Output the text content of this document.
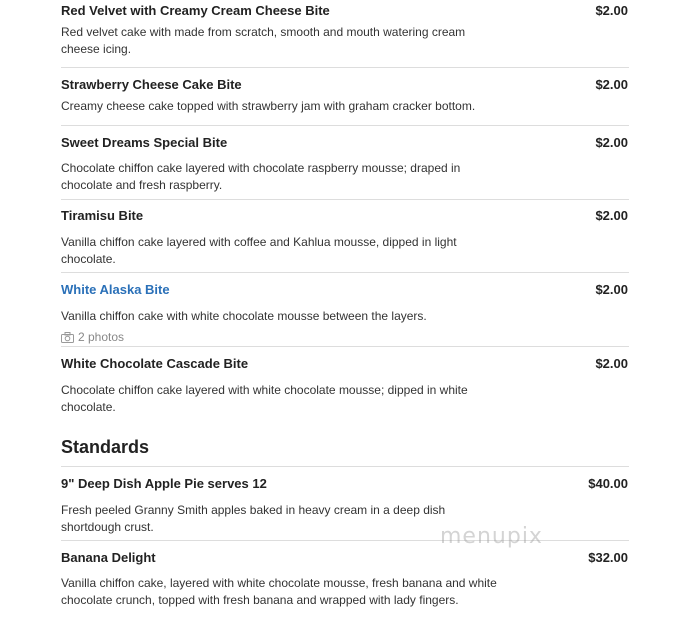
Red Velvet with Creamy Cream Cheese Bite	$2.00
Red velvet cake with made from scratch, smooth and mouth watering cream cheese icing.
Strawberry Cheese Cake Bite	$2.00
Creamy cheese cake topped with strawberry jam with graham cracker bottom.
Sweet Dreams Special Bite	$2.00
Chocolate chiffon cake layered with chocolate raspberry mousse; draped in chocolate and fresh raspberry.
Tiramisu Bite	$2.00
Vanilla chiffon cake layered with coffee and Kahlua mousse, dipped in light chocolate.
White Alaska Bite	$2.00
Vanilla chiffon cake with white chocolate mousse between the layers.
2 photos
White Chocolate Cascade Bite	$2.00
Chocolate chiffon cake layered with white chocolate mousse; dipped in white chocolate.
Standards
9" Deep Dish Apple Pie serves 12	$40.00
Fresh peeled Granny Smith apples baked in heavy cream in a deep dish shortdough crust.
Banana Delight	$32.00
Vanilla chiffon cake, layered with white chocolate mousse, fresh banana and white chocolate crunch, topped with fresh banana and wrapped with lady fingers.
menupix
